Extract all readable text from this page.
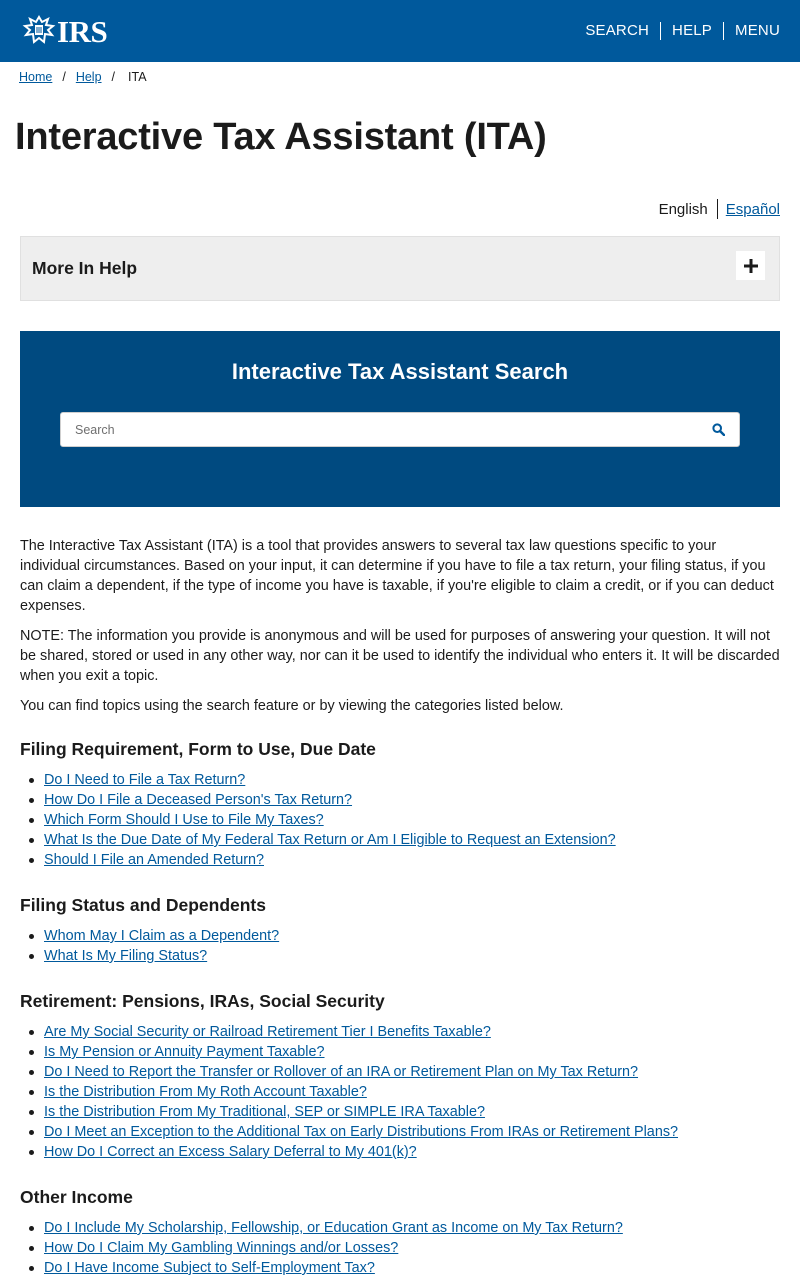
IRS	SEARCH	HELP	MENU
Home / Help / ITA
Interactive Tax Assistant (ITA)
English	Español
More In Help
Interactive Tax Assistant Search
Search

The Interactive Tax Assistant (ITA) is a tool that provides answers to several tax law questions specific to your individual circumstances. Based on your input, it can determine if you have to file a tax return, your filing status, if you can claim a dependent, if the type of income you have is taxable, if you're eligible to claim a credit, or if you can deduct expenses.

NOTE: The information you provide is anonymous and will be used for purposes of answering your question. It will not be shared, stored or used in any other way, nor can it be used to identify the individual who enters it. It will be discarded when you exit a topic.

You can find topics using the search feature or by viewing the categories listed below.

Filing Requirement, Form to Use, Due Date
Do I Need to File a Tax Return?
How Do I File a Deceased Person's Tax Return?
Which Form Should I Use to File My Taxes?
What Is the Due Date of My Federal Tax Return or Am I Eligible to Request an Extension?
Should I File an Amended Return?
Filing Status and Dependents
Whom May I Claim as a Dependent?
What Is My Filing Status?
Retirement: Pensions, IRAs, Social Security
Are My Social Security or Railroad Retirement Tier I Benefits Taxable?
Is My Pension or Annuity Payment Taxable?
Do I Need to Report the Transfer or Rollover of an IRA or Retirement Plan on My Tax Return?
Is the Distribution From My Roth Account Taxable?
Is the Distribution From My Traditional, SEP or SIMPLE IRA Taxable?
Do I Meet an Exception to the Additional Tax on Early Distributions From IRAs or Retirement Plans?
How Do I Correct an Excess Salary Deferral to My 401(k)?
Other Income
Do I Include My Scholarship, Fellowship, or Education Grant as Income on My Tax Return?
How Do I Claim My Gambling Winnings and/or Losses?
Do I Have Income Subject to Self-Employment Tax?
